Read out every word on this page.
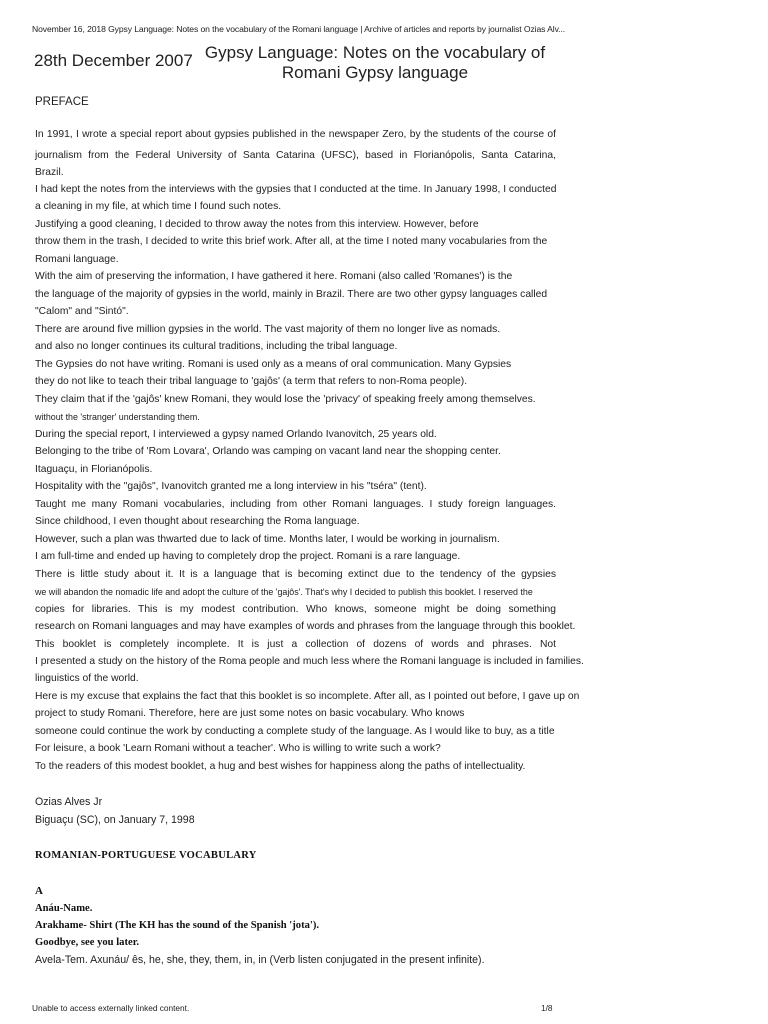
November 16, 2018 Gypsy Language: Notes on the vocabulary of the Romani language | Archive of articles and reports by journalist Ozias Alv...
28th December 2007 Gypsy Language: Notes on the vocabulary of
Romani Gypsy language
PREFACE
In 1991, I wrote a special report about gypsies published in the newspaper Zero, by the students of the course of
journalism from the Federal University of Santa Catarina (UFSC), based in Florianópolis, Santa Catarina,
Brazil.
I had kept the notes from the interviews with the gypsies that I conducted at the time. In January 1998, I conducted
a cleaning in my file, at which time I found such notes.
Justifying a good cleaning, I decided to throw away the notes from this interview. However, before
throw them in the trash, I decided to write this brief work. After all, at the time I noted many vocabularies from the
Romani language.
With the aim of preserving the information, I have gathered it here. Romani (also called 'Romanes') is the
the language of the majority of gypsies in the world, mainly in Brazil. There are two other gypsy languages called
"Calom" and "Sintó".
There are around five million gypsies in the world. The vast majority of them no longer live as nomads.
and also no longer continues its cultural traditions, including the tribal language.
The Gypsies do not have writing. Romani is used only as a means of oral communication. Many Gypsies
they do not like to teach their tribal language to 'gajôs' (a term that refers to non-Roma people).
They claim that if the 'gajôs' knew Romani, they would lose the 'privacy' of speaking freely among themselves.
without the 'stranger' understanding them.
During the special report, I interviewed a gypsy named Orlando Ivanovitch, 25 years old.
Belonging to the tribe of 'Rom Lovara', Orlando was camping on vacant land near the shopping center.
Itaguaçu, in Florianópolis.
Hospitality with the "gajôs", Ivanovitch granted me a long interview in his "tséra" (tent).
Taught me many Romani vocabularies, including from other Romani languages. I study foreign languages.
Since childhood, I even thought about researching the Roma language.
However, such a plan was thwarted due to lack of time. Months later, I would be working in journalism.
I am full-time and ended up having to completely drop the project. Romani is a rare language.
There is little study about it. It is a language that is becoming extinct due to the tendency of the gypsies
we will abandon the nomadic life and adopt the culture of the 'gajôs'. That's why I decided to publish this booklet. I reserved the
copies for libraries. This is my modest contribution. Who knows, someone might be doing something
research on Romani languages and may have examples of words and phrases from the language through this booklet.
This booklet is completely incomplete. It is just a collection of dozens of words and phrases. Not
I presented a study on the history of the Roma people and much less where the Romani language is included in families.
linguistics of the world.
Here is my excuse that explains the fact that this booklet is so incomplete. After all, as I pointed out before, I gave up on
project to study Romani. Therefore, here are just some notes on basic vocabulary. Who knows
someone could continue the work by conducting a complete study of the language. As I would like to buy, as a title
For leisure, a book 'Learn Romani without a teacher'. Who is willing to write such a work?
To the readers of this modest booklet, a hug and best wishes for happiness along the paths of intellectuality.
Ozias Alves Jr
Biguaçu (SC), on January 7, 1998
ROMANIAN-PORTUGUESE VOCABULARY
A
Anáu-Name.
Arakhame- Shirt (The KH has the sound of the Spanish 'jota').
Goodbye, see you later.
Avela-Tem. Axunáu/ ês, he, she, they, them, in, in (Verb listen conjugated in the present infinite).
Unable to access externally linked content.	1/8
